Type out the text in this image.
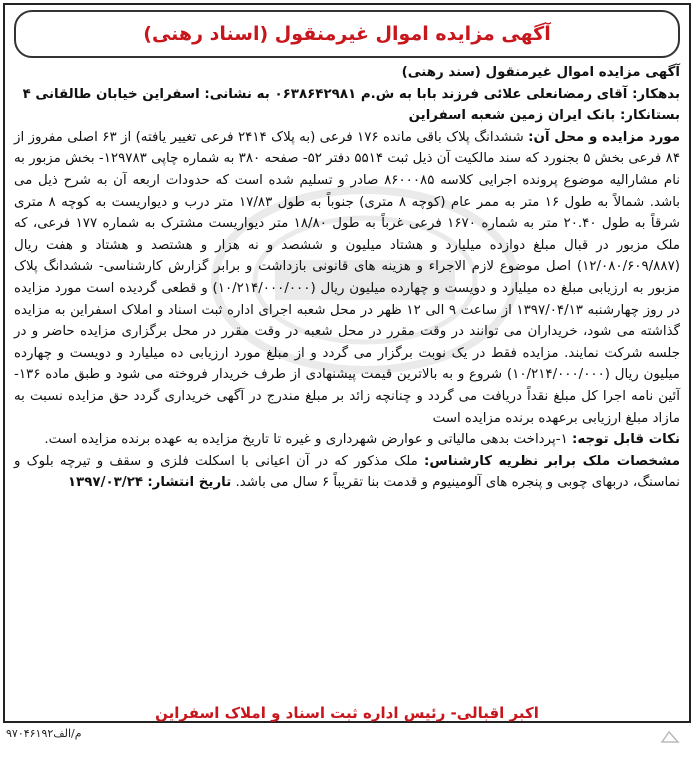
آگهی مزایده اموال غیرمنقول (اسناد رهنی)

آگهی مزایده اموال غیرمنقول (سند رهنی)

بدهکار: آقای رمضانعلی علائی فرزند بابا به ش.م ۰۶۳۸۶۴۲۹۸۱ به نشانی: اسفراین خیابان طالقانی ۴

بستانکار: بانک ایران زمین شعبه اسفراین

مورد مزایده و محل آن: ششدانگ پلاک باقی مانده ۱۷۶ فرعی (به پلاک ۲۴۱۴ فرعی تغییر یافته) از ۶۳ اصلی مفروز از ۸۴ فرعی بخش ۵ بجنورد که سند مالکیت آن ذیل ثبت ۵۵۱۴ دفتر ۵۲- صفحه ۳۸۰ به شماره چاپی ۱۲۹۷۸۳- بخش مزبور به نام مشارالیه موضوع پرونده اجرایی کلاسه ۸۶۰۰۰۸۵ صادر و تسلیم شده است که حدودات اربعه آن به شرح ذیل می باشد. شمالاً به طول ۱۶ متر به ممر عام (کوچه ۸ متری) جنوباً به طول ۱۷/۸۳ متر درب و دیواریست به کوچه ۸ متری شرقاً به طول ۲۰.۴۰ متر به شماره ۱۶۷۰ فرعی غرباً به طول ۱۸/۸۰ متر دیواریست مشترک به شماره ۱۷۷ فرعی، که ملک مزبور در قبال مبلغ دوازده میلیارد و هشتاد میلیون و ششصد و نه هزار و هشتصد و هشتاد و هفت ریال (۱۲/۰۸۰/۶۰۹/۸۸۷) اصل موضوع لازم الاجراء و هزینه های قانونی بازداشت و برابر گزارش کارشناسی- ششدانگ پلاک مزبور به ارزیابی مبلغ ده میلیارد و دویست و چهارده میلیون ریال (۱۰/۲۱۴/۰۰۰/۰۰۰) و قطعی گردیده است مورد مزایده در روز چهارشنبه ۱۳۹۷/۰۴/۱۳ از ساعت ۹ الی ۱۲ ظهر در محل شعبه اجرای اداره ثبت اسناد و املاک اسفراین به مزایده گذاشته می شود، خریداران می توانند در وقت مقرر در محل شعبه در وقت مقرر در محل برگزاری مزایده حاضر و در جلسه شرکت نمایند. مزایده فقط در یک نوبت برگزار می گردد و از مبلغ مورد ارزیابی ده میلیارد و دویست و چهارده میلیون ریال (۱۰/۲۱۴/۰۰۰/۰۰۰) شروع و به بالاترین قیمت پیشنهادی از طرف خریدار فروخته می شود و طبق ماده ۱۳۶- آئین نامه اجرا کل مبلغ نقداً دریافت می گردد و چنانچه زائد بر مبلغ مندرج در آگهی خریداری گردد حق مزایده نسبت به مازاد مبلغ ارزیابی برعهده برنده مزایده است

نکات قابل توجه: ۱-پرداخت بدهی مالیاتی و عوارض شهرداری و غیره تا تاریخ مزایده به عهده برنده مزایده است.

مشخصات ملک برابر نظریه کارشناس: ملک مذکور که در آن اعیانی با اسکلت فلزی و سقف و تیرچه بلوک و نماسنگ، دربهای چوبی و پنجره های آلومینیوم و قدمت بنا تقریباً ۶ سال می باشد. تاریخ انتشار: ۱۳۹۷/۰۳/۲۴

اکبر اقبالی- رئیس اداره ثبت اسناد و املاک اسفراین
م/الف۹۷۰۴۶۱۹۲
